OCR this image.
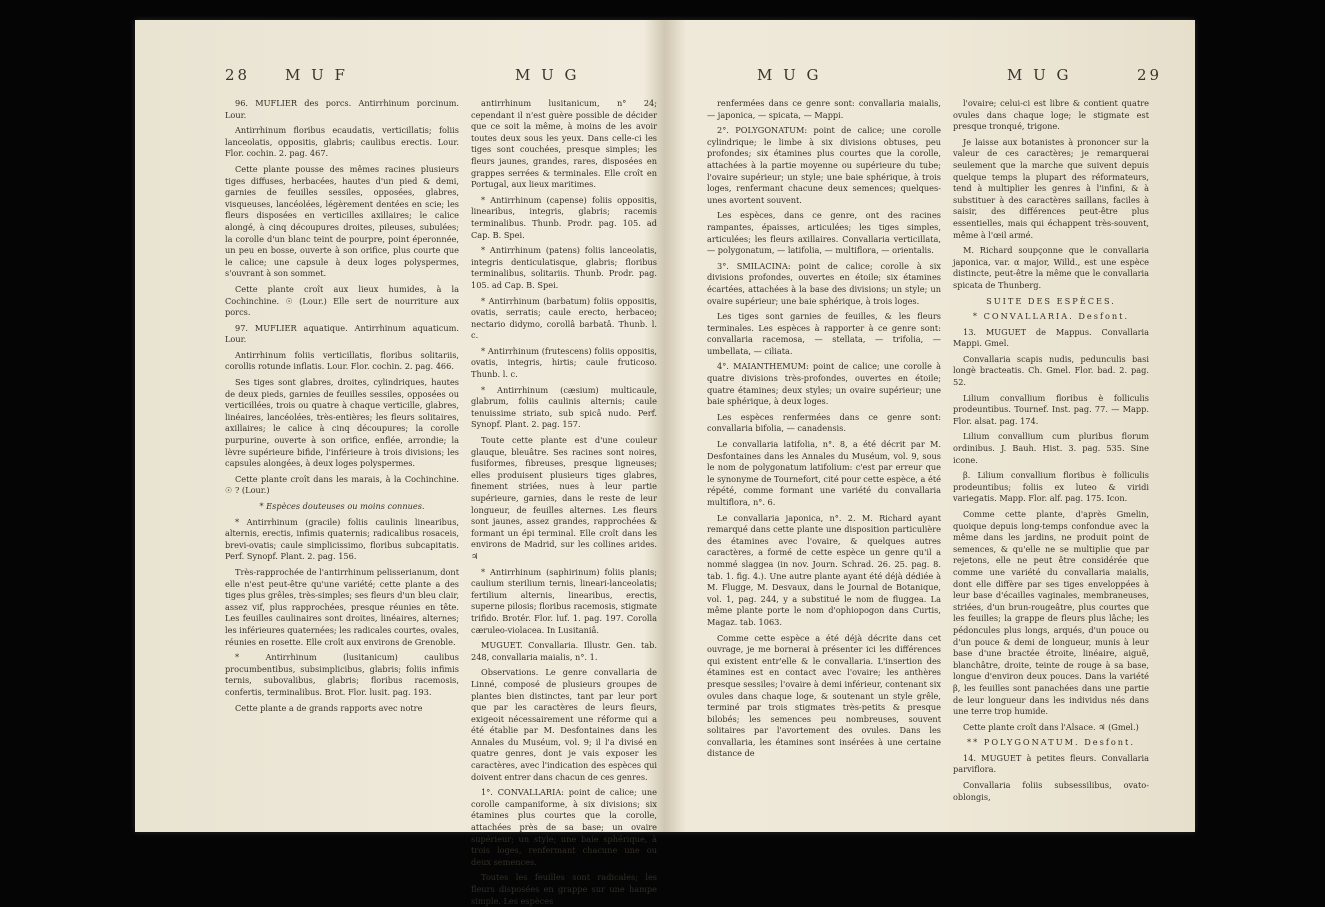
28 M U F	M U G

96. MUFLIER des porcs. Antirrhinum porcinum. Lour.

Antirrhinum floribus ecaudatis, verticillatis; foliis lanceolatis, oppositis, glabris; caulibus erectis. Lour. Flor. cochin. 2. pag. 467.

Cette plante pousse des mêmes racines plusieurs tiges diffuses, herbacées, hautes d'un pied & demi, garnies de feuilles sessiles, opposées, glabres, visqueuses, lancéolées, légèrement dentées en scie; les fleurs disposées en verticilles axillaires; le calice alongé, à cinq découpures droites, pileuses, subulées; la corolle d'un blanc teint de pourpre, point éperonnée, un peu en bosse, ouverte à son orifice, plus courte que le calice; une capsule à deux loges polyspermes, s'ouvrant à son sommet.

Cette plante croît aux lieux humides, à la Cochinchine. ☉ (Lour.) Elle sert de nourriture aux porcs.

97. MUFLIER aquatique. Antirrhinum aquaticum. Lour.

Antirrhinum foliis verticillatis, floribus solitariis, corollis rotunde inflatis. Lour. Flor. cochin. 2. pag. 466.

Ses tiges sont glabres, droites, cylindriques, hautes de deux pieds, garnies de feuilles sessiles, opposées ou verticillées, trois ou quatre à chaque verticille, glabres, linéaires, lancéolées, très-entières; les fleurs solitaires, axillaires; le calice à cinq découpures; la corolle purpurine, ouverte à son orifice, enflée, arrondie; la lèvre supérieure bifide, l'inférieure à trois divisions; les capsules alongées, à deux loges polyspermes.

Cette plante croît dans les marais, à la Cochinchine. ☉ ? (Lour.)

* Espèces douteuses ou moins connues.

* Antirrhinum (gracile) foliis caulinis linearibus, alternis, erectis, infimis quaternis; radicalibus rosaceis, brevi-ovatis; caule simplicissimo, floribus subcapitatis. Perf. Synopf. Plant. 2. pag. 156.

Très-rapprochée de l'antirrhinum pelisserianum, dont elle n'est peut-être qu'une variété; cette plante a des tiges plus grêles, très-simples; ses fleurs d'un bleu clair, assez vif, plus rapprochées, presque réunies en tête. Les feuilles caulinaires sont droites, linéaires, alternes; les inférieures quaternées; les radicales courtes, ovales, réunies en rosette. Elle croît aux environs de Grenoble.

* Antirrhinum (lusitanicum) caulibus procumbentibus, subsimplicibus, glabris; foliis infimis ternis, subovalibus, glabris; floribus racemosis, confertis, terminalibus. Brot. Flor. lusit. pag. 193.

Cette plante a de grands rapports avec notre

antirrhinum lusitanicum, n° 24; cependant il n'est guère possible de décider que ce soit la même, à moins de les avoir toutes deux sous les yeux. Dans celle-ci les tiges sont couchées, presque simples; les fleurs jaunes, grandes, rares, disposées en grappes serrées & terminales. Elle croît en Portugal, aux lieux maritimes.

* Antirrhinum (capense) foliis oppositis, linearibus, integris, glabris; racemis terminalibus. Thunb. Prodr. pag. 105. ad Cap. B. Spei.

* Antirrhinum (patens) foliis lanceolatis, integris denticulatisque, glabris; floribus terminalibus, solitariis. Thunb. Prodr. pag. 105. ad Cap. B. Spei.

* Antirrhinum (barbatum) foliis oppositis, ovatis, serratis; caule erecto, herbaceo; nectario didymo, corollâ barbatâ. Thunb. l. c.

* Antirrhinum (frutescens) foliis oppositis, ovatis, integris, hirtis; caule fruticoso. Thunb. l. c.

* Antirrhinum (cæsium) multicaule, glabrum, foliis caulinis alternis; caule tenuissime striato, sub spicâ nudo. Perf. Synopf. Plant. 2. pag. 157.

Toute cette plante est d'une couleur glauque, bleuâtre. Ses racines sont noires, fusiformes, fibreuses, presque ligneuses; elles produisent plusieurs tiges glabres, finement striées, nues à leur partie supérieure, garnies, dans le reste de leur longueur, de feuilles alternes. Les fleurs sont jaunes, assez grandes, rapprochées & formant un épi terminal. Elle croît dans les environs de Madrid, sur les collines arides. ♃

* Antirrhinum (saphirinum) foliis planis; caulium sterilium ternis, lineari-lanceolatis; fertilium alternis, linearibus, erectis, superne pilosis; floribus racemosis, stigmate trifido. Brotér. Flor. luf. 1. pag. 197. Corolla cæruleo-violacea. In Lusitaniâ.

MUGUET. Convallaria. Illustr. Gen. tab. 248, convallaria maialis, n°. 1.

Observations. Le genre convallaria de Linné, composé de plusieurs groupes de plantes bien distinctes, tant par leur port que par les caractères de leurs fleurs, exigeoit nécessairement une réforme qui a été établie par M. Desfontaines dans les Annales du Muséum, vol. 9; il l'a divisé en quatre genres, dont je vais exposer les caractères, avec l'indication des espèces qui doivent entrer dans chacun de ces genres.

1°. CONVALLARIA: point de calice; une corolle campaniforme, à six divisions; six étamines plus courtes que la corolle, attachées près de sa base; un ovaire supérieur; un style; une baie sphérique, à trois loges, renfermant chacune une ou deux semences.

Toutes les feuilles sont radicales; les fleurs disposées en grappe sur une hampe simple. Les espèces

M U G	M U G	29

renfermées dans ce genre sont: convallaria maialis, — japonica, — spicata, — Mappi.

2°. POLYGONATUM: point de calice; une corolle cylindrique; le limbe à six divisions obtuses, peu profondes; six étamines plus courtes que la corolle, attachées à la partie moyenne ou supérieure du tube; l'ovaire supérieur; un style; une baie sphérique, à trois loges, renfermant chacune deux semences; quelques-unes avortent souvent.

Les espèces, dans ce genre, ont des racines rampantes, épaisses, articulées; les tiges simples, articulées; les fleurs axillaires. Convallaria verticillata, — polygonatum, — latifolia, — multiflora, — orientalis.

3°. SMILACINA: point de calice; corolle à six divisions profondes, ouvertes en étoile; six étamines écartées, attachées à la base des divisions; un style; un ovaire supérieur; une baie sphérique, à trois loges.

Les tiges sont garnies de feuilles, & les fleurs terminales. Les espèces à rapporter à ce genre sont: convallaria racemosa, — stellata, — trifolia, — umbellata, — ciliata.

4°. MAIANTHEMUM: point de calice; une corolle à quatre divisions très-profondes, ouvertes en étoile; quatre étamines; deux styles; un ovaire supérieur; une baie sphérique, à deux loges.

Les espèces renfermées dans ce genre sont: convallaria bifolia, — canadensis.

Le convallaria latifolia, n°. 8, a été décrit par M. Desfontaines dans les Annales du Muséum, vol. 9, sous le nom de polygonatum latifolium: c'est par erreur que le synonyme de Tournefort, cité pour cette espèce, a été répété, comme formant une variété du convallaria multiflora, n°. 6.

Le convallaria japonica, n°. 2. M. Richard ayant remarqué dans cette plante une disposition particulière des étamines avec l'ovaire, & quelques autres caractères, a formé de cette espèce un genre qu'il a nommé slaggea (in nov. Journ. Schrad. 26. 25. pag. 8. tab. 1. fig. 4.). Une autre plante ayant été déjà dédiée à M. Flugge, M. Desvaux, dans le Journal de Botanique, vol. 1, pag. 244, y a substitué le nom de fluggea. La même plante porte le nom d'ophiopogon dans Curtis, Magaz. tab. 1063.

Comme cette espèce a été déjà décrite dans cet ouvrage, je me bornerai à présenter ici les différences qui existent entr'elle & le convallaria. L'insertion des étamines est en contact avec l'ovaire; les anthères presque sessiles; l'ovaire à demi inférieur, contenant six ovules dans chaque loge, & soutenant un style grêle, terminé par trois stigmates très-petits & presque bilobés; les semences peu nombreuses, souvent solitaires par l'avortement des ovules. Dans les convallaria, les étamines sont insérées à une certaine distance de

l'ovaire; celui-ci est libre & contient quatre ovules dans chaque loge; le stigmate est presque tronqué, trigone.

Je laisse aux botanistes à prononcer sur la valeur de ces caractères; je remarquerai seulement que la marche que suivent depuis quelque temps la plupart des réformateurs, tend à multiplier les genres à l'infini, & à substituer à des caractères saillans, faciles à saisir, des différences peut-être plus essentielles, mais qui échappent très-souvent, même à l'œil armé.

M. Richard soupçonne que le convallaria japonica, var. α major, Willd., est une espèce distincte, peut-être la même que le convallaria spicata de Thunberg.

SUITE DES ESPÈCES.

* CONVALLARIA. Desfont.

13. MUGUET de Mappus. Convallaria Mappi. Gmel.

Convallaria scapis nudis, pedunculis basi longè bracteatis. Ch. Gmel. Flor. bad. 2. pag. 52.

Lilium convallium floribus è folliculis prodeuntibus. Tournef. Inst. pag. 77. — Mapp. Flor. alsat. pag. 174.

Lilium convallium cum pluribus florum ordinibus. J. Bauh. Hist. 3. pag. 535. Sine icone.

β. Lilium convallium floribus è folliculis prodeuntibus; foliis ex luteo & viridi variegatis. Mapp. Flor. alf. pag. 175. Icon.

Comme cette plante, d'après Gmelin, quoique depuis long-temps confondue avec la même dans les jardins, ne produit point de semences, & qu'elle ne se multiplie que par rejetons, elle ne peut être considérée que comme une variété du convallaria maialis, dont elle diffère par ses tiges enveloppées à leur base d'écailles vaginales, membraneuses, striées, d'un brun-rougeâtre, plus courtes que les feuilles; la grappe de fleurs plus lâche; les pédoncules plus longs, arqués, d'un pouce ou d'un pouce & demi de longueur, munis à leur base d'une bractée étroite, linéaire, aiguë, blanchâtre, droite, teinte de rouge à sa base, longue d'environ deux pouces. Dans la variété β, les feuilles sont panachées dans une partie de leur longueur dans les individus nés dans une terre trop humide.

Cette plante croît dans l'Alsace. ♃ (Gmel.)

** POLYGONATUM. Desfont.

14. MUGUET à petites fleurs. Convallaria parviflora.

Convallaria foliis subsessilibus, ovato-oblongis,
